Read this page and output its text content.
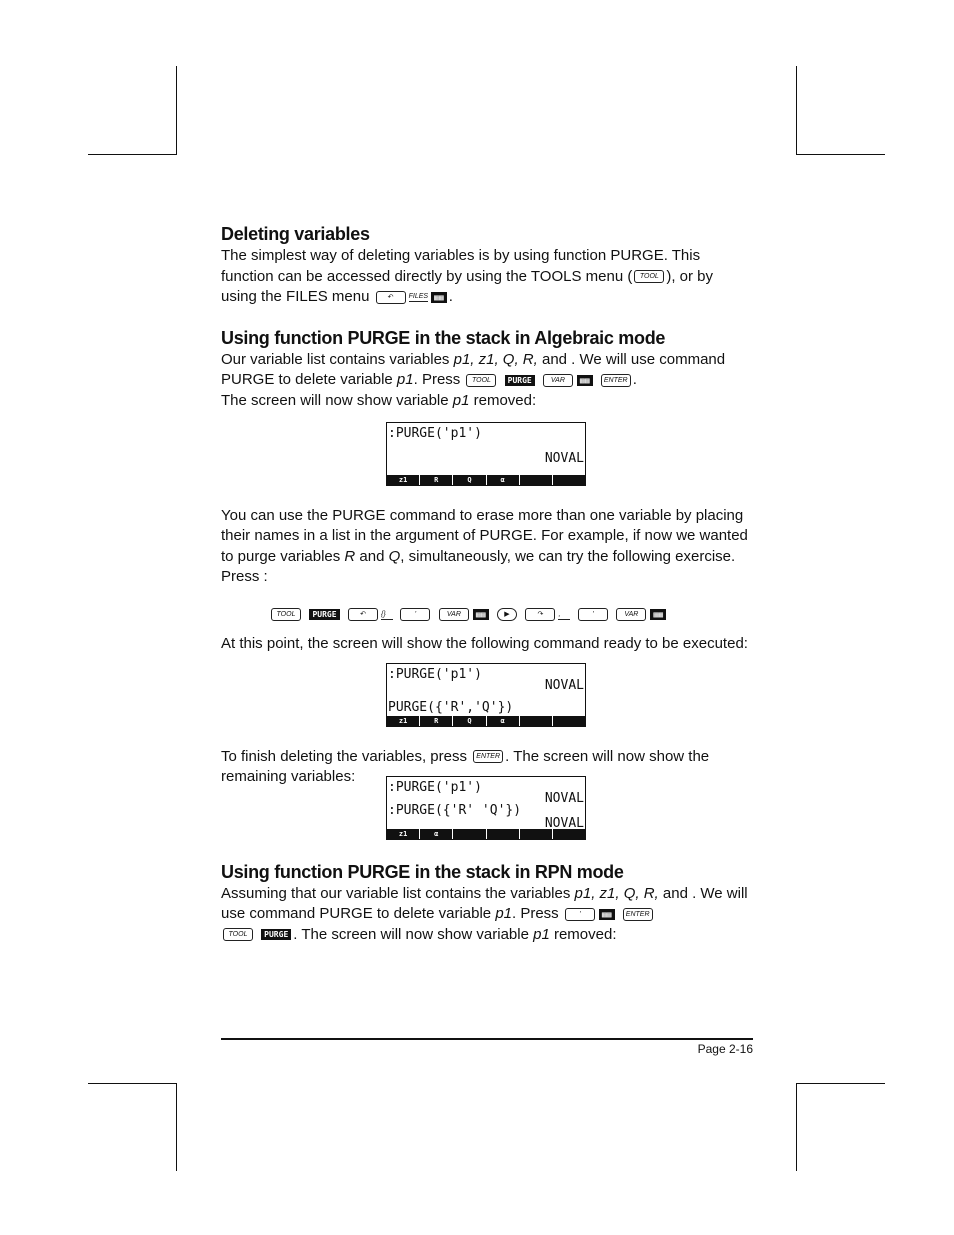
Deleting variables

The simplest way of deleting variables is by using function PURGE. This function can be accessed directly by using the TOOLS menu ( TOOL ), or by using the FILES menu	↶ FILES ▦▦ .

Using function PURGE in the stack in Algebraic mode

Our variable list contains variables p1, z1, Q, R, and . We will use command PURGE to delete variable p1. Press TOOL PURGE	VAR ▦▦ ENTER .
The screen will now show variable p1 removed:

:PURGE('p1')
NOVAL
z1	R	Q	α

You can use the PURGE command to erase more than one variable by placing their names in a list in the argument of PURGE. For example, if now we wanted to purge variables R and Q, simultaneously, we can try the following exercise. Press :

TOOL PURGE	↶ {}	'	VAR ▦▦	▶	↷ ,	'	VAR ▦▦

At this point, the screen will show the following command ready to be executed:

:PURGE('p1')
NOVAL
PURGE({'R','Q'})
z1	R	Q	α

To finish deleting the variables, press ENTER . The screen will now show the remaining variables:

:PURGE('p1')
NOVAL
:PURGE({'R' 'Q'})
NOVAL
z1	α
Using function PURGE in the stack in RPN mode

Assuming that our variable list contains the variables p1, z1, Q, R, and . We will use command PURGE to delete variable p1. Press	'	▦▦ ENTER
TOOL PURGE . The screen will now show variable p1 removed:

Page 2-16
